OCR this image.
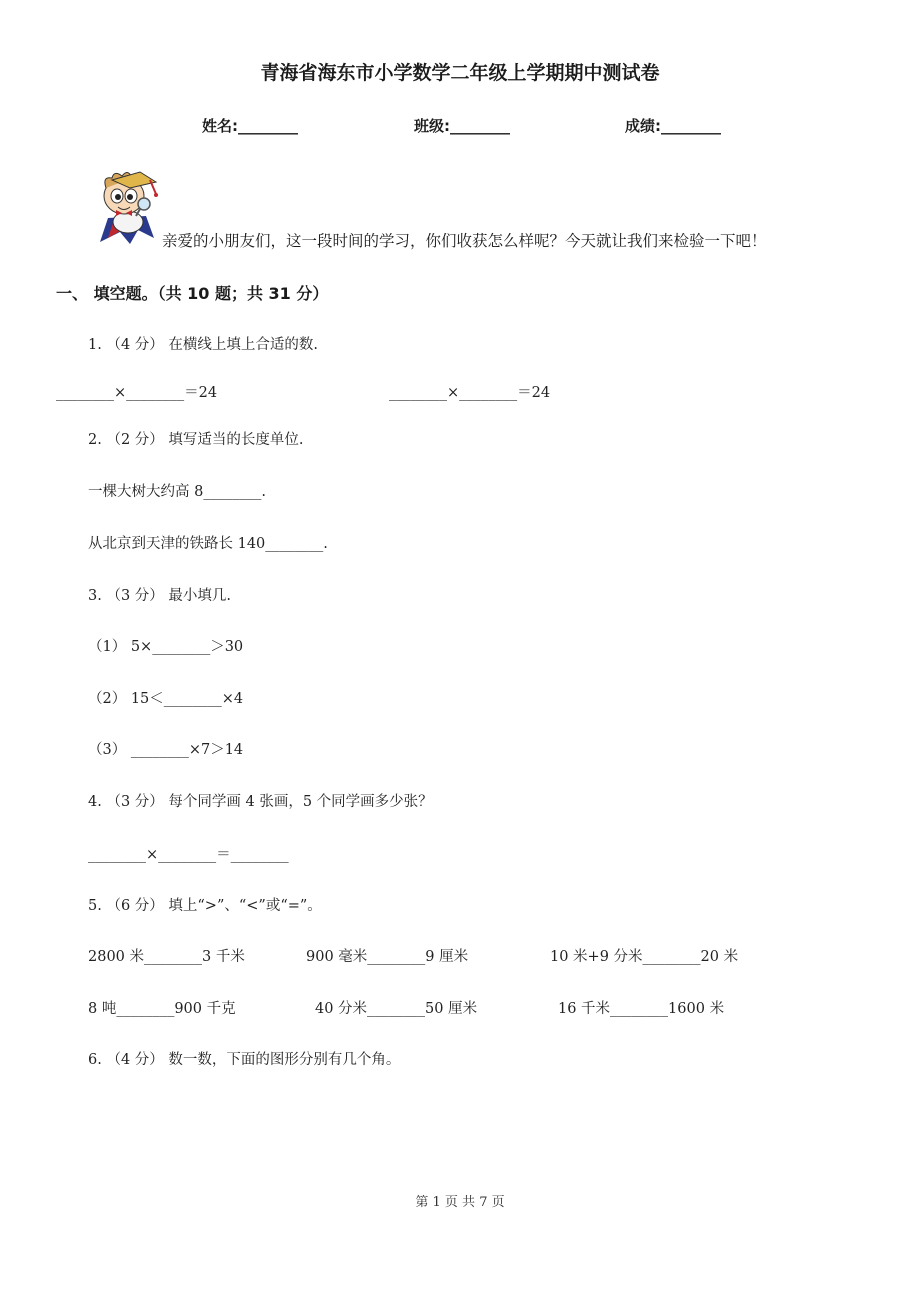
青海省海东市小学数学二年级上学期期中测试卷
姓名:________	班级:________	成绩:________
亲爱的小朋友们，这一段时间的学习，你们收获怎么样呢？今天就让我们来检验一下吧！
一、 填空题。（共 10 题；共 31 分）
1. （4 分） 在横线上填上合适的数.
________×________＝24	________×________＝24
2. （2 分） 填写适当的长度单位.
一棵大树大约高 8________.
从北京到天津的铁路长 140________.
3. （3 分） 最小填几.
（1） 5×________＞30
（2） 15＜________×4
（3） ________×7＞14
4. （3 分） 每个同学画 4 张画，5 个同学画多少张？
________×________＝________
5. （6 分） 填上“>”、“<”或“=”。
2800 米________3 千米	900 毫米________9 厘米	10 米+9 分米________20 米
8 吨________900 千克	40 分米________50 厘米	16 千米________1600 米
6. （4 分） 数一数，下面的图形分别有几个角。
第 1 页 共 7 页
